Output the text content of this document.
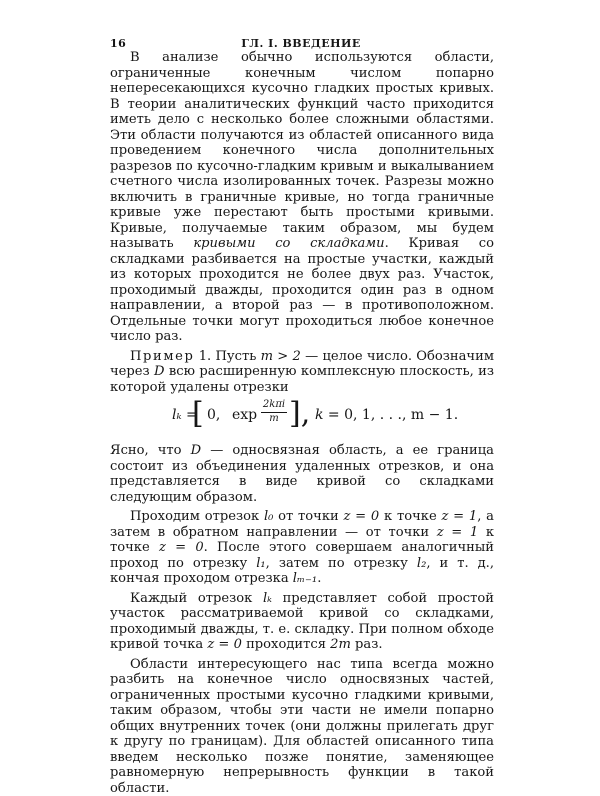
16	ГЛ. I. ВВЕДЕНИЕ

В анализе обычно используются области, ограниченные конечным числом попарно непересекающихся кусочно гладких простых кривых. В теории аналитических функций часто приходится иметь дело с несколько более сложными областями. Эти области получаются из областей описанного вида проведением конечного числа дополнительных разрезов по кусочно-гладким кривым и выкалыванием счетного числа изолированных точек. Разрезы можно включить в граничные кривые, но тогда граничные кривые уже перестают быть простыми кривыми. Кривые, получаемые таким образом, мы будем называть кривыми со складками. Кривая со складками разбивается на простые участки, каждый из которых проходится не более двух раз. Участок, проходимый дважды, проходится один раз в одном направлении, а второй раз — в противоположном. Отдельные точки могут проходиться любое конечное число раз.

Пример 1. Пусть m > 2 — целое число. Обозначим через D всю расширенную комплексную плоскость, из которой удалены отрезки

lₖ =
[ 0, exp
2kπi
m ], k = 0, 1, . . ., m − 1.

Ясно, что D — односвязная область, а ее граница состоит из объединения удаленных отрезков, и она представляется в виде кривой со складками следующим образом.

Проходим отрезок l₀ от точки z = 0 к точке z = 1, а затем в обратном направлении — от точки z = 1 к точке z = 0. После этого совершаем аналогичный проход по отрезку l₁, затем по отрезку l₂, и т. д., кончая проходом отрезка lₘ₋₁.

Каждый отрезок lₖ представляет собой простой участок рассматриваемой кривой со складками, проходимый дважды, т. е. складку. При полном обходе кривой точка z = 0 проходится 2m раз.

Области интересующего нас типа всегда можно разбить на конечное число односвязных частей, ограниченных простыми кусочно гладкими кривыми, таким образом, чтобы эти части не имели попарно общих внутренних точек (они должны прилегать друг к другу по границам). Для областей описанного типа введем несколько позже понятие, заменяющее равномерную непрерывность функции в такой области.
